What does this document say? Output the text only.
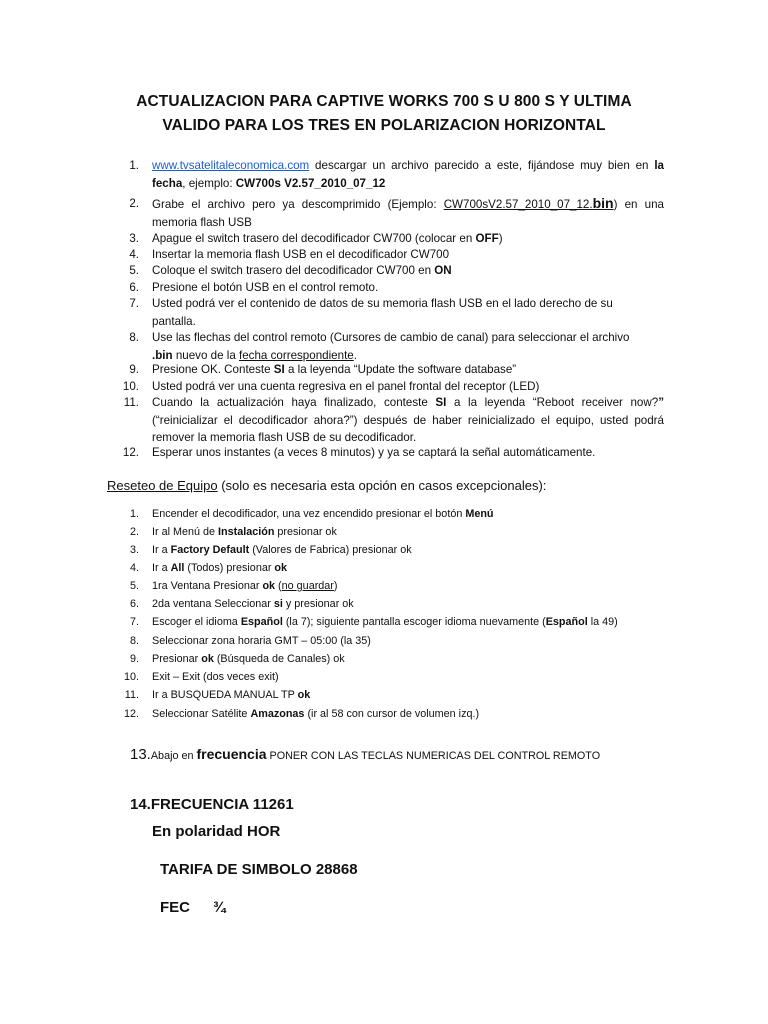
ACTUALIZACION PARA CAPTIVE WORKS 700 S U 800 S Y ULTIMA
VALIDO PARA LOS TRES EN POLARIZACION HORIZONTAL
1. www.tvsatelitaleconomica.com descargar un archivo parecido a este, fijándose muy bien en la fecha, ejemplo: CW700s V2.57_2010_07_12
2. Grabe el archivo pero ya descomprimido (Ejemplo: CW700sV2.57_2010_07_12.bin) en una memoria flash USB
3. Apague el switch trasero del decodificador CW700 (colocar en OFF)
4. Insertar la memoria flash USB en el decodificador CW700
5. Coloque el switch trasero del decodificador CW700 en ON
6. Presione el botón USB en el control remoto.
7. Usted podrá ver el contenido de datos de su memoria flash USB en el lado derecho de su pantalla.
8. Use las flechas del control remoto (Cursores de cambio de canal) para seleccionar el archivo .bin nuevo de la fecha correspondiente.
9. Presione OK. Conteste SI a la leyenda “Update the software database”
10. Usted podrá ver una cuenta regresiva en el panel frontal del receptor (LED)
11. Cuando la actualización haya finalizado, conteste SI a la leyenda “Reboot receiver now?” (“reinicializar el decodificador ahora?”) después de haber reinicializado el equipo, usted podrá remover la memoria flash USB de su decodificador.
12. Esperar unos instantes (a veces 8 minutos) y ya se captará la señal automáticamente.
Reseteo de Equipo (solo es necesaria esta opción en casos excepcionales):
1. Encender el decodificador, una vez encendido presionar el botón Menú
2. Ir al Menú de Instalación presionar ok
3. Ir a Factory Default (Valores de Fabrica) presionar ok
4. Ir a All (Todos) presionar ok
5. 1ra Ventana Presionar ok (no guardar)
6. 2da ventana Seleccionar si y presionar ok
7. Escoger el idioma Español (la 7); siguiente pantalla escoger idioma nuevamente (Español la 49)
8. Seleccionar zona horaria GMT – 05:00 (la 35)
9. Presionar ok (Búsqueda de Canales) ok
10. Exit – Exit (dos veces exit)
11. Ir a BUSQUEDA MANUAL TP ok
12. Seleccionar Satélite Amazonas (ir al 58 con cursor de volumen izq.)
13.Abajo en frecuencia PONER CON LAS TECLAS NUMERICAS DEL CONTROL REMOTO
14.FRECUENCIA 11261
En polaridad HOR
TARIFA DE SIMBOLO 28868
FEC ¾
